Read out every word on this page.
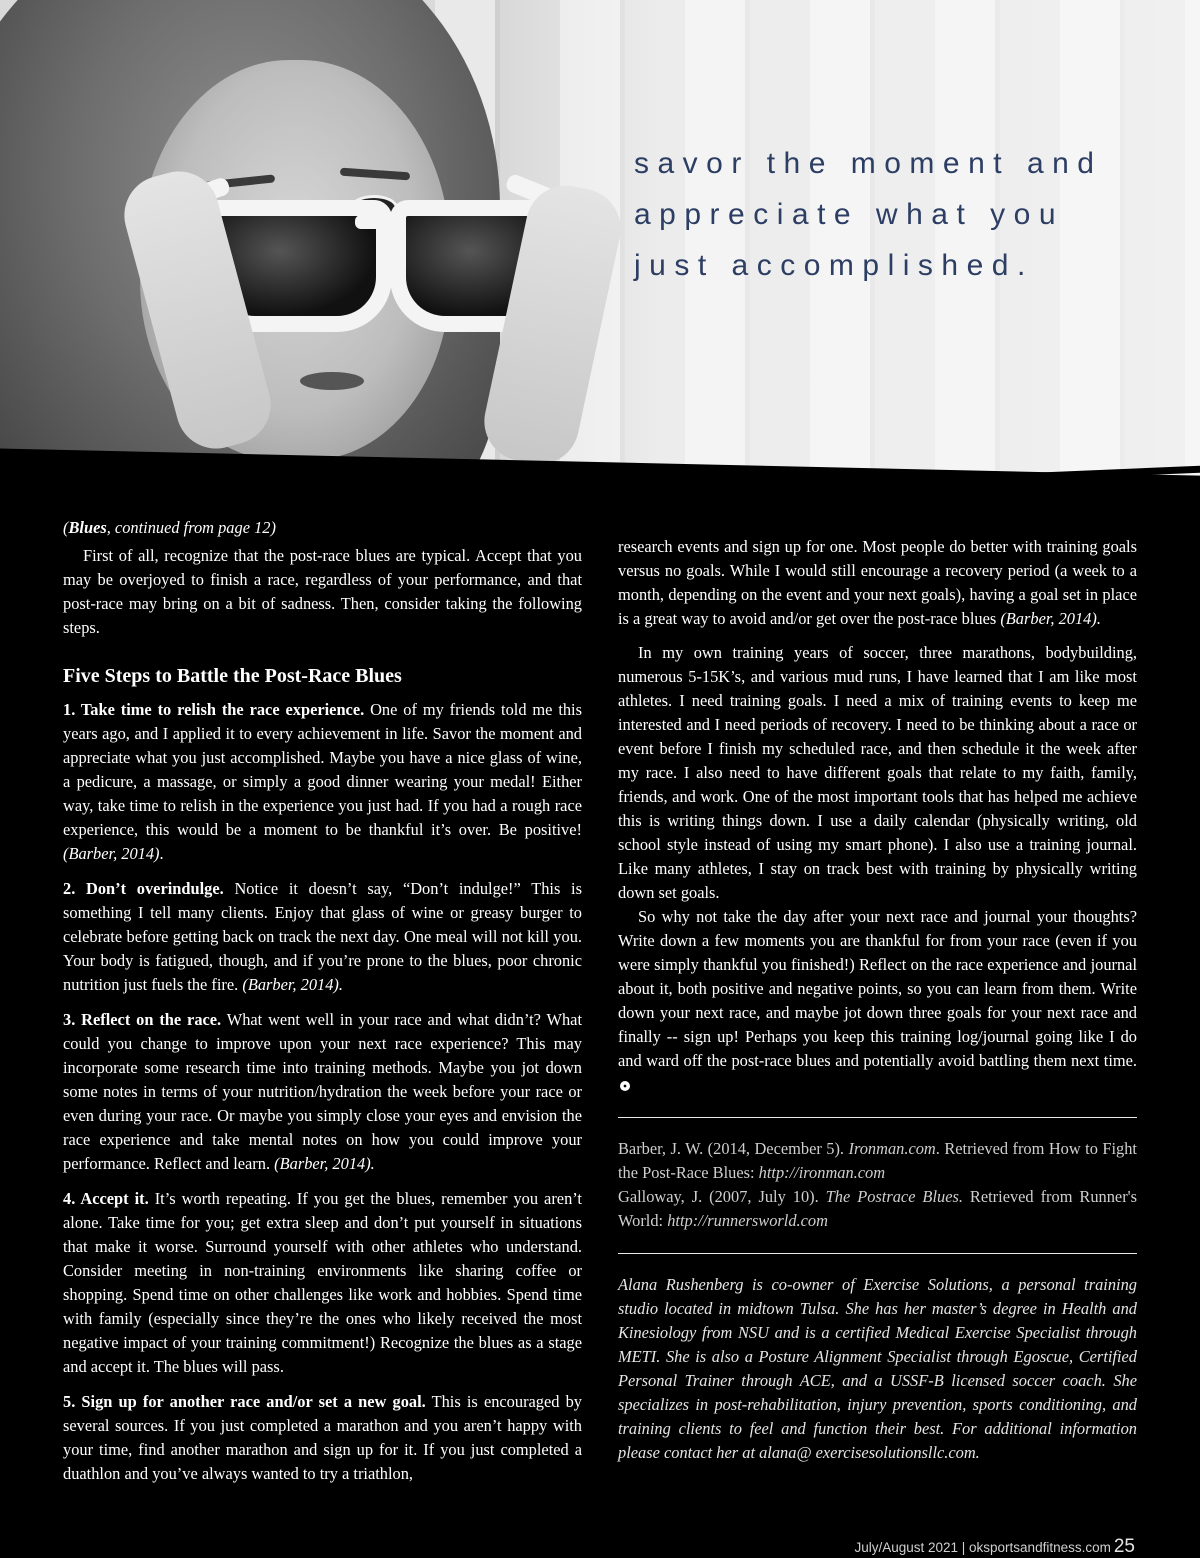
savor the moment and
appreciate what you
just accomplished.

(Blues, continued from page 12)

First of all, recognize that the post-race blues are typical. Accept that you may be overjoyed to finish a race, regardless of your performance, and that post-race may bring on a bit of sadness. Then, consider taking the following steps.

Five Steps to Battle the Post-Race Blues

1. Take time to relish the race experience. One of my friends told me this years ago, and I applied it to every achievement in life. Savor the moment and appreciate what you just accomplished. Maybe you have a nice glass of wine, a pedicure, a massage, or simply a good dinner wearing your medal! Either way, take time to relish in the experience you just had. If you had a rough race experience, this would be a moment to be thankful it’s over. Be positive! (Barber, 2014).

2. Don’t overindulge. Notice it doesn’t say, “Don’t indulge!” This is something I tell many clients. Enjoy that glass of wine or greasy burger to celebrate before getting back on track the next day. One meal will not kill you. Your body is fatigued, though, and if you’re prone to the blues, poor chronic nutrition just fuels the fire. (Barber, 2014).

3. Reflect on the race. What went well in your race and what didn’t? What could you change to improve upon your next race experience? This may incorporate some research time into training methods. Maybe you jot down some notes in terms of your nutrition/hydration the week before your race or even during your race. Or maybe you simply close your eyes and envision the race experience and take mental notes on how you could improve your performance. Reflect and learn. (Barber, 2014).

4. Accept it. It’s worth repeating. If you get the blues, remember you aren’t alone. Take time for you; get extra sleep and don’t put yourself in situations that make it worse. Surround yourself with other athletes who understand. Consider meeting in non-training environments like sharing coffee or shopping. Spend time on other challenges like work and hobbies. Spend time with family (especially since they’re the ones who likely received the most negative impact of your training commitment!) Recognize the blues as a stage and accept it. The blues will pass.

5. Sign up for another race and/or set a new goal. This is encouraged by several sources. If you just completed a marathon and you aren’t happy with your time, find another marathon and sign up for it. If you just completed a duathlon and you’ve always wanted to try a triathlon,

research events and sign up for one. Most people do better with training goals versus no goals. While I would still encourage a recovery period (a week to a month, depending on the event and your next goals), having a goal set in place is a great way to avoid and/or get over the post-race blues (Barber, 2014).

In my own training years of soccer, three marathons, bodybuilding, numerous 5-15K’s, and various mud runs, I have learned that I am like most athletes. I need training goals. I need a mix of training events to keep me interested and I need periods of recovery. I need to be thinking about a race or event before I finish my scheduled race, and then schedule it the week after my race. I also need to have different goals that relate to my faith, family, friends, and work. One of the most important tools that has helped me achieve this is writing things down. I use a daily calendar (physically writing, old school style instead of using my smart phone). I also use a training journal. Like many athletes, I stay on track best with training by physically writing down set goals.

So why not take the day after your next race and journal your thoughts? Write down a few moments you are thankful for from your race (even if you were simply thankful you finished!) Reflect on the race experience and journal about it, both positive and negative points, so you can learn from them. Write down your next race, and maybe jot down three goals for your next race and finally -- sign up! Perhaps you keep this training log/journal going like I do and ward off the post-race blues and potentially avoid battling them next time.

Barber, J. W. (2014, December 5). Ironman.com. Retrieved from How to Fight the Post-Race Blues: http://ironman.com

Galloway, J. (2007, July 10). The Postrace Blues. Retrieved from Runner's World: http://runnersworld.com

Alana Rushenberg is co-owner of Exercise Solutions, a personal training studio located in midtown Tulsa. She has her master’s degree in Health and Kinesiology from NSU and is a certified Medical Exercise Specialist through METI. She is also a Posture Alignment Specialist through Egoscue, Certified Personal Trainer through ACE, and a USSF-B licensed soccer coach. She specializes in post-rehabilitation, injury prevention, sports conditioning, and training clients to feel and function their best. For additional information please contact her at alana@ exercisesolutionsllc.com.

July/August 2021 | oksportsandfitness.com 25
